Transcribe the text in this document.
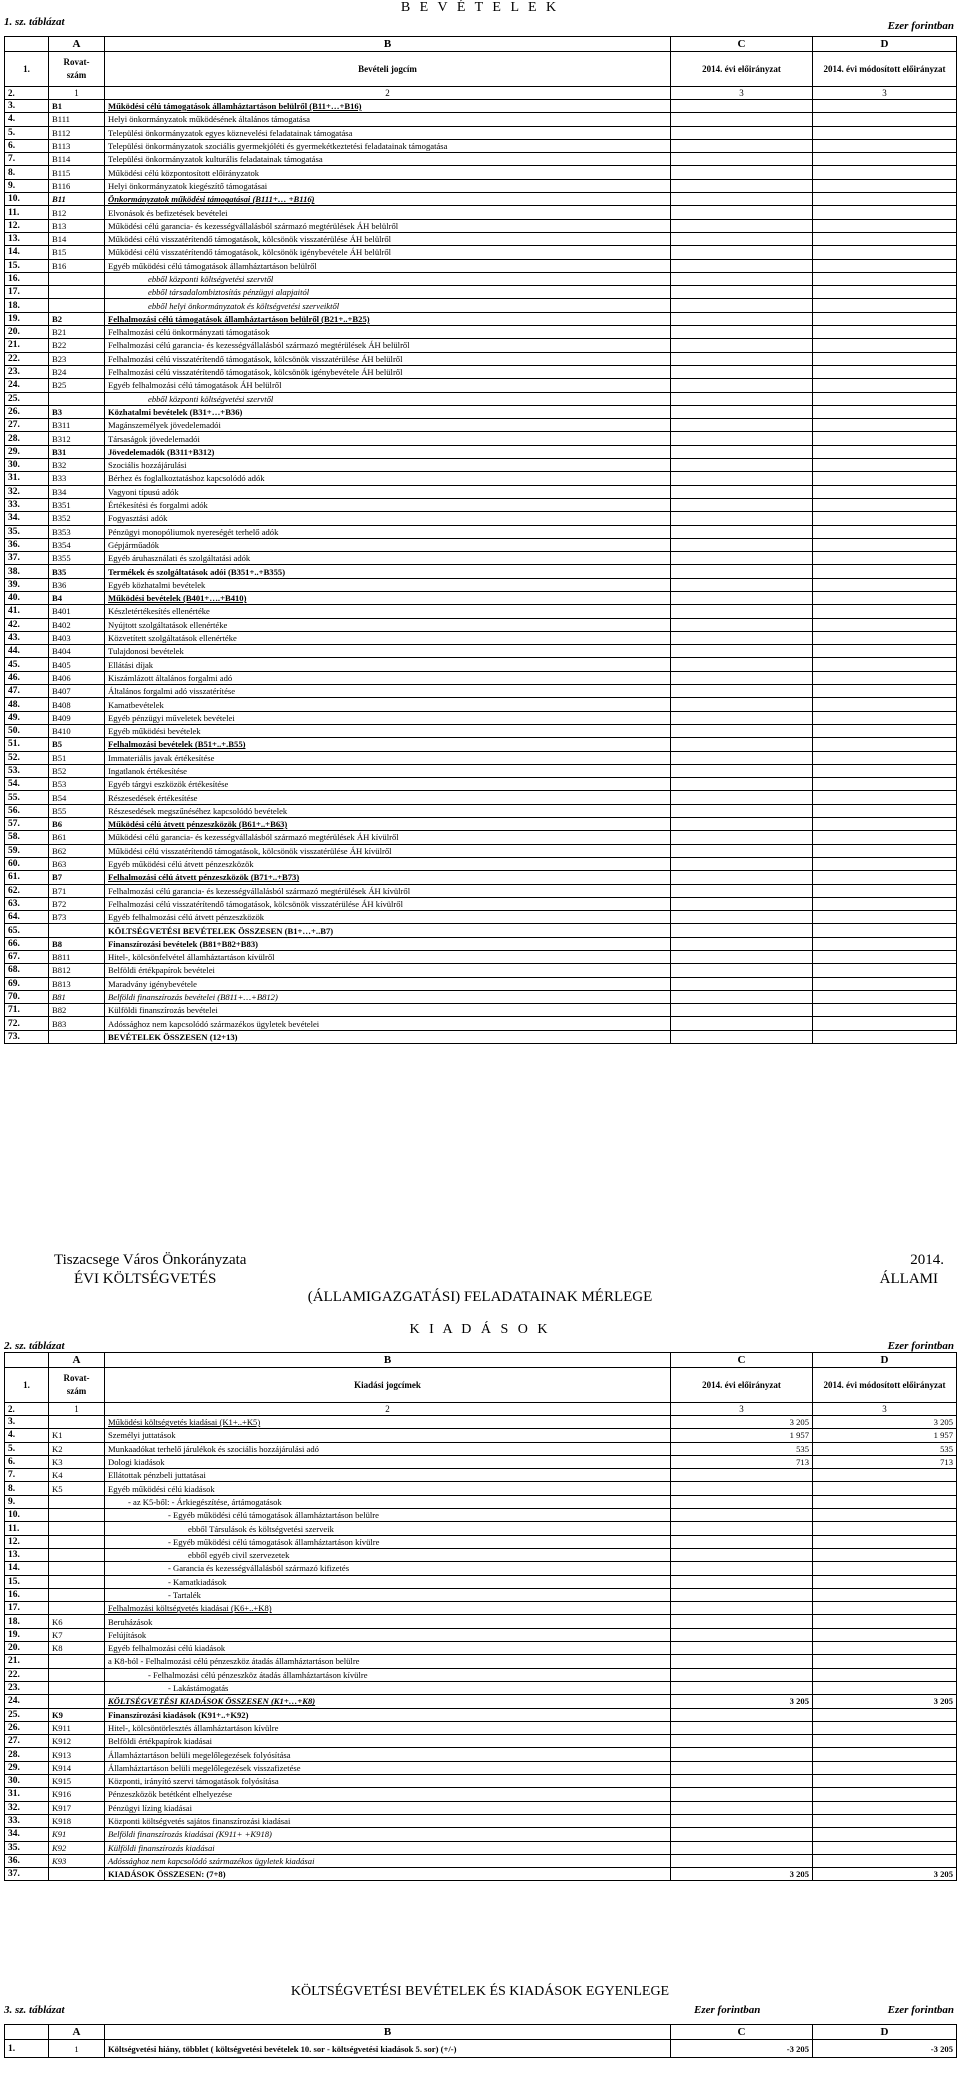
B E V É T E L E K
1. sz. táblázat	Ezer forintban
	A	B	C	D
1.	Rovat-
szám	Bevételi jogcím	2014. évi előirányzat	2014. évi módosított előirányzat
2.	1	2	3	3
3.	B1	Működési célú támogatások államháztartáson belülről (B11+…+B16)		
4.	B111	Helyi önkormányzatok működésének általános támogatása		
5.	B112	Települési önkormányzatok egyes köznevelési feladatainak támogatása		
6.	B113	Települési önkormányzatok szociális gyermekjóléti és gyermekétkeztetési feladatainak támogatása		
7.	B114	Települési önkormányzatok kulturális feladatainak támogatása		
8.	B115	Működési célú központosított előirányzatok		
9.	B116	Helyi önkormányzatok kiegészítő támogatásai		
10.	B11	Önkormányzatok működési támogatásai (B111+… +B116)		
11.	B12	Elvonások és befizetések bevételei		
12.	B13	Működési célú garancia- és kezességvállalásból származó megtérülések ÁH belülről		
13.	B14	Működési célú visszatérítendő támogatások, kölcsönök visszatérülése ÁH belülről		
14.	B15	Működési célú visszatérítendő támogatások, kölcsönök igénybevétele ÁH belülről		
15.	B16	Egyéb működési célú támogatások államháztartáson belülről		
16.		ebből központi költségvetési szervtől		
17.		ebből társadalombiztosítás pénzügyi alapjaitól		
18.		ebből helyi önkormányzatok és költségvetési szerveiktől		
19.	B2	Felhalmozási célú támogatások államháztartáson belülről (B21+..+B25)		
20.	B21	Felhalmozási célú önkormányzati támogatások		
21.	B22	Felhalmozási célú garancia- és kezességvállalásból származó megtérülések ÁH belülről		
22.	B23	Felhalmozási célú visszatérítendő támogatások, kölcsönök visszatérülése ÁH belülről		
23.	B24	Felhalmozási célú visszatérítendő támogatások, kölcsönök igénybevétele ÁH belülről		
24.	B25	Egyéb felhalmozási célú támogatások ÁH belülről		
25.		ebből központi költségvetési szervtől		
26.	B3	Közhatalmi bevételek (B31+…+B36)		
27.	B311	Magánszemélyek jövedelemadói		
28.	B312	Társaságok jövedelemadói		
29.	B31	Jövedelemadók (B311+B312)		
30.	B32	Szociális hozzájárulási		
31.	B33	Bérhez és foglalkoztatáshoz kapcsolódó adók		
32.	B34	Vagyoni típusú adók		
33.	B351	Értékesítési és forgalmi adók		
34.	B352	Fogyasztási adók		
35.	B353	Pénzügyi monopóliumok nyereségét terhelő adók		
36.	B354	Gépjárműadók		
37.	B355	Egyéb áruhasználati és szolgáltatási adók		
38.	B35	Termékek és szolgáltatások adói (B351+..+B355)		
39.	B36	Egyéb közhatalmi bevételek		
40.	B4	Működési bevételek (B401+….+B410)		
41.	B401	Készletértékesítés ellenértéke		
42.	B402	Nyújtott szolgáltatások ellenértéke		
43.	B403	Közvetített szolgáltatások ellenértéke		
44.	B404	Tulajdonosi bevételek		
45.	B405	Ellátási díjak		
46.	B406	Kiszámlázott általános forgalmi adó		
47.	B407	Általános forgalmi adó visszatérítése		
48.	B408	Kamatbevételek		
49.	B409	Egyéb pénzügyi műveletek bevételei		
50.	B410	Egyéb működési bevételek		
51.	B5	Felhalmozási bevételek (B51+..+.B55)		
52.	B51	Immateriális javak értékesítése		
53.	B52	Ingatlanok értékesítése		
54.	B53	Egyéb tárgyi eszközök értékesítése		
55.	B54	Részesedések értékesítése		
56.	B55	Részesedések megszűnéséhez kapcsolódó bevételek		
57.	B6	Működési célú átvett pénzeszközök (B61+..+B63)		
58.	B61	Működési célú garancia- és kezességvállalásból származó megtérülések ÁH kívülről		
59.	B62	Működési célú visszatérítendő támogatások, kölcsönök visszatérülése ÁH kívülről		
60.	B63	Egyéb működési célú átvett pénzeszközök		
61.	B7	Felhalmozási célú átvett pénzeszközök (B71+..+B73)		
62.	B71	Felhalmozási célú garancia- és kezességvállalásból származó megtérülések ÁH kívülről		
63.	B72	Felhalmozási célú visszatérítendő támogatások, kölcsönök visszatérülése ÁH kívülről		
64.	B73	Egyéb felhalmozási célú átvett pénzeszközök		
65.		KÖLTSÉGVETÉSI BEVÉTELEK ÖSSZESEN (B1+…+..B7)		
66.	B8	Finanszírozási bevételek (B81+B82+B83)		
67.	B811	Hitel-, kölcsönfelvétel államháztartáson kívülről		
68.	B812	Belföldi értékpapírok bevételei		
69.	B813	Maradvány igénybevétele		
70.	B81	Belföldi finanszírozás bevételei (B811+…+B812)		
71.	B82	Külföldi finanszírozás bevételei		
72.	B83	Adóssághoz nem kapcsolódó származékos ügyletek bevételei		
73.		BEVÉTELEK ÖSSZESEN (12+13)		
Tiszacsege Város Önkorányzata	2014.
ÉVI KÖLTSÉGVETÉS	ÁLLAMI
(ÁLLAMIGAZGATÁSI) FELADATAINAK MÉRLEGE
K I A D Á S O K
2. sz. táblázat	Ezer forintban
	A	B	C	D
1.	Rovat-
szám	Kiadási jogcímek	2014. évi előirányzat	2014. évi módosított előirányzat
2.	1	2	3	3
3.		Működési költségvetés kiadásai (K1+..+K5)	3 205	3 205
4.	K1	Személyi juttatások	1 957	1 957
5.	K2	Munkaadókat terhelő járulékok és szociális hozzájárulási adó	535	535
6.	K3	Dologi kiadások	713	713
7.	K4	Ellátottak pénzbeli juttatásai		
8.	K5	Egyéb működési célú kiadások		
9.		- az K5-ből: - Árkiegészítése, ártámogatások		
10.		- Egyéb működési célú támogatások államháztartáson belülre		
11.		ebből Társulások és költségvetési szerveik		
12.		- Egyéb működési célú támogatások államháztartáson kívülre		
13.		ebből egyéb civil szervezetek		
14.		- Garancia és kezességvállalásból származó kifizetés		
15.		- Kamatkiadások		
16.		- Tartalék		
17.		Felhalmozási költségvetés kiadásai (K6+..+K8)		
18.	K6	Beruházások		
19.	K7	Felújítások		
20.	K8	Egyéb felhalmozási célú kiadások		
21.		a K8-ból - Felhalmozási célú pénzeszköz átadás államháztartáson belülre		
22.		- Felhalmozási célú pénzeszköz átadás államháztartáson kívülre		
23.		- Lakástámogatás		
24.		KÖLTSÉGVETÉSI KIADÁSOK ÖSSZESEN (K1+…+K8)	3 205	3 205
25.	K9	Finanszírozási kiadások (K91+..+K92)		
26.	K911	Hitel-, kölcsöntörlesztés államháztartáson kívülre		
27.	K912	Belföldi értékpapírok kiadásai		
28.	K913	Államháztartáson belüli megelőlegezések folyósítása		
29.	K914	Államháztartáson belüli megelőlegezések visszafizetése		
30.	K915	Központi, irányító szervi támogatások folyósítása		
31.	K916	Pénzeszközök betétként elhelyezése		
32.	K917	Pénzügyi lízing kiadásai		
33.	K918	Központi költségvetés sajátos finanszírozási kiadásai		
34.	K91	Belföldi finanszírozás kiadásai (K911+ +K918)		
35.	K92	Külföldi finanszírozás kiadásai		
36.	K93	Adóssághoz nem kapcsolódó származékos ügyletek kiadásai		
37.		KIADÁSOK ÖSSZESEN: (7+8)	3 205	3 205
KÖLTSÉGVETÉSI BEVÉTELEK ÉS KIADÁSOK EGYENLEGE
3. sz. táblázat	Ezer forintban	Ezer forintban
	A	B	C	D
1.	1	Költségvetési hiány, többlet ( költségvetési bevételek 10. sor - költségvetési kiadások 5. sor) (+/-)	-3 205	-3 205
